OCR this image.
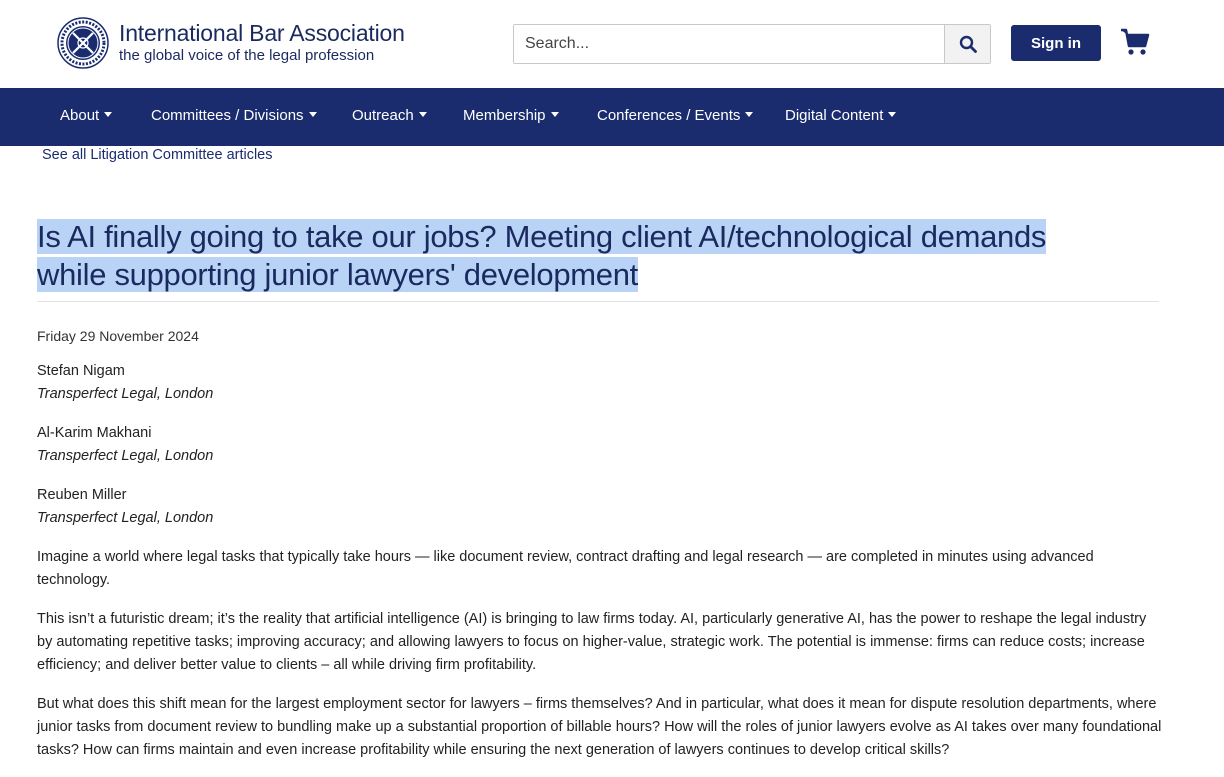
International Bar Association
the global voice of the legal profession
Search...
Sign in
About	Committees / Divisions	Outreach	Membership	Conferences / Events	Digital Content
See all Litigation Committee articles
Is AI finally going to take our jobs? Meeting client AI/technological demands
while supporting junior lawyers' development
Friday 29 November 2024
Stefan Nigam
Transperfect Legal, London
Al-Karim Makhani
Transperfect Legal, London
Reuben Miller
Transperfect Legal, London

Imagine a world where legal tasks that typically take hours — like document review, contract drafting and legal research — are completed in minutes using advanced technology.

This isn’t a futuristic dream; it’s the reality that artificial intelligence (AI) is bringing to law firms today. AI, particularly generative AI, has the power to reshape the legal industry by automating repetitive tasks; improving accuracy; and allowing lawyers to focus on higher-value, strategic work. The potential is immense: firms can reduce costs; increase efficiency; and deliver better value to clients – all while driving firm profitability.

But what does this shift mean for the largest employment sector for lawyers – firms themselves? And in particular, what does it mean for dispute resolution departments, where junior tasks from document review to bundling make up a substantial proportion of billable hours? How will the roles of junior lawyers evolve as AI takes over many foundational tasks? How can firms maintain and even increase profitability while ensuring the next generation of lawyers continues to develop critical skills?
